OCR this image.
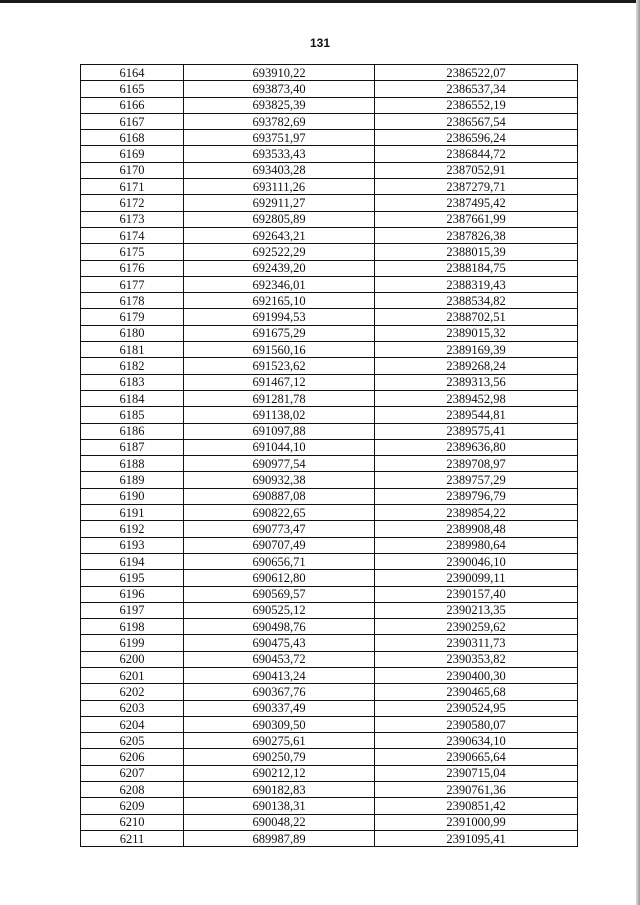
131
6164	693910,22	2386522,07
6165	693873,40	2386537,34
6166	693825,39	2386552,19
6167	693782,69	2386567,54
6168	693751,97	2386596,24
6169	693533,43	2386844,72
6170	693403,28	2387052,91
6171	693111,26	2387279,71
6172	692911,27	2387495,42
6173	692805,89	2387661,99
6174	692643,21	2387826,38
6175	692522,29	2388015,39
6176	692439,20	2388184,75
6177	692346,01	2388319,43
6178	692165,10	2388534,82
6179	691994,53	2388702,51
6180	691675,29	2389015,32
6181	691560,16	2389169,39
6182	691523,62	2389268,24
6183	691467,12	2389313,56
6184	691281,78	2389452,98
6185	691138,02	2389544,81
6186	691097,88	2389575,41
6187	691044,10	2389636,80
6188	690977,54	2389708,97
6189	690932,38	2389757,29
6190	690887,08	2389796,79
6191	690822,65	2389854,22
6192	690773,47	2389908,48
6193	690707,49	2389980,64
6194	690656,71	2390046,10
6195	690612,80	2390099,11
6196	690569,57	2390157,40
6197	690525,12	2390213,35
6198	690498,76	2390259,62
6199	690475,43	2390311,73
6200	690453,72	2390353,82
6201	690413,24	2390400,30
6202	690367,76	2390465,68
6203	690337,49	2390524,95
6204	690309,50	2390580,07
6205	690275,61	2390634,10
6206	690250,79	2390665,64
6207	690212,12	2390715,04
6208	690182,83	2390761,36
6209	690138,31	2390851,42
6210	690048,22	2391000,99
6211	689987,89	2391095,41
